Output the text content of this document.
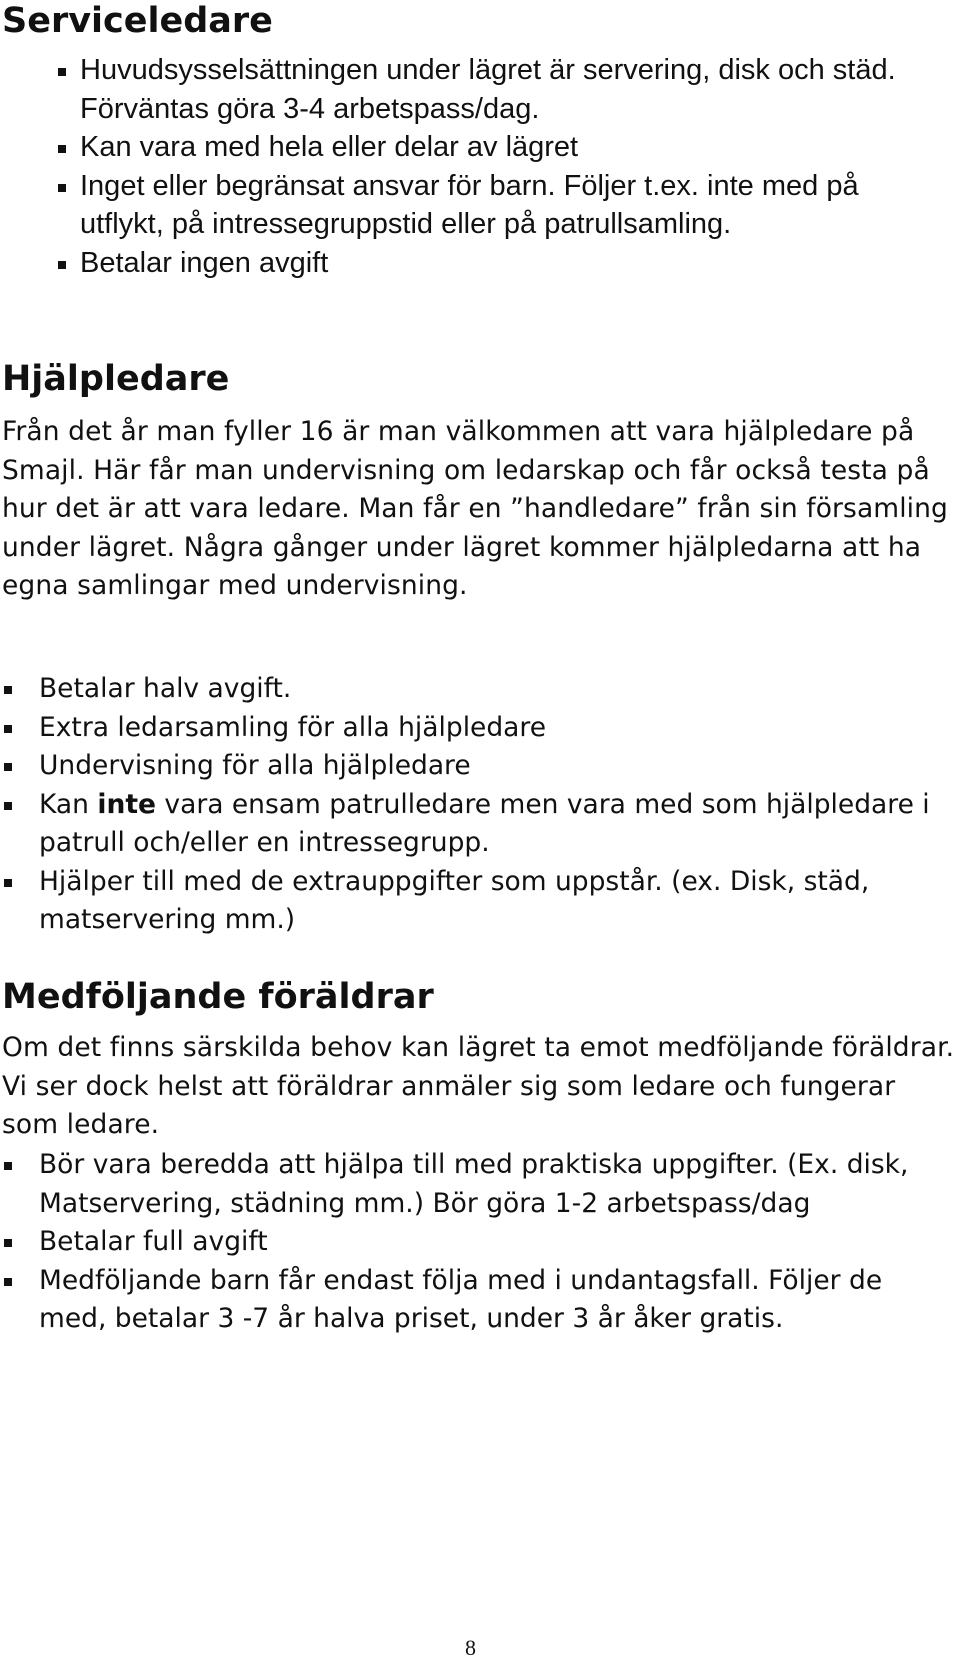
Serviceledare
Huvudsysselsättningen under lägret är servering, disk och städ. Förväntas göra 3-4 arbetspass/dag.
Kan vara med hela eller delar av lägret
Inget eller begränsat ansvar för barn. Följer t.ex. inte med på utflykt, på intressegruppstid eller på patrullsamling.
Betalar ingen avgift
Hjälpledare

Från det år man fyller 16 är man välkommen att vara hjälpledare på Smajl. Här får man undervisning om ledarskap och får också testa på hur det är att vara ledare. Man får en ”handledare” från sin församling under lägret. Några gånger under lägret kommer hjälpledarna att ha egna samlingar med undervisning.

Betalar halv avgift.
Extra ledarsamling för alla hjälpledare
Undervisning för alla hjälpledare
Kan inte vara ensam patrulledare men vara med som hjälpledare i patrull och/eller en intressegrupp.
Hjälper till med de extrauppgifter som uppstår. (ex. Disk, städ, matservering mm.)
Medföljande föräldrar

Om det finns särskilda behov kan lägret ta emot medföljande föräldrar. Vi ser dock helst att föräldrar anmäler sig som ledare och fungerar som ledare.

Bör vara beredda att hjälpa till med praktiska uppgifter. (Ex. disk, Matservering, städning mm.) Bör göra 1-2 arbetspass/dag
Betalar full avgift
Medföljande barn får endast följa med i undantagsfall. Följer de med, betalar 3 -7 år halva priset, under 3 år åker gratis.
8
